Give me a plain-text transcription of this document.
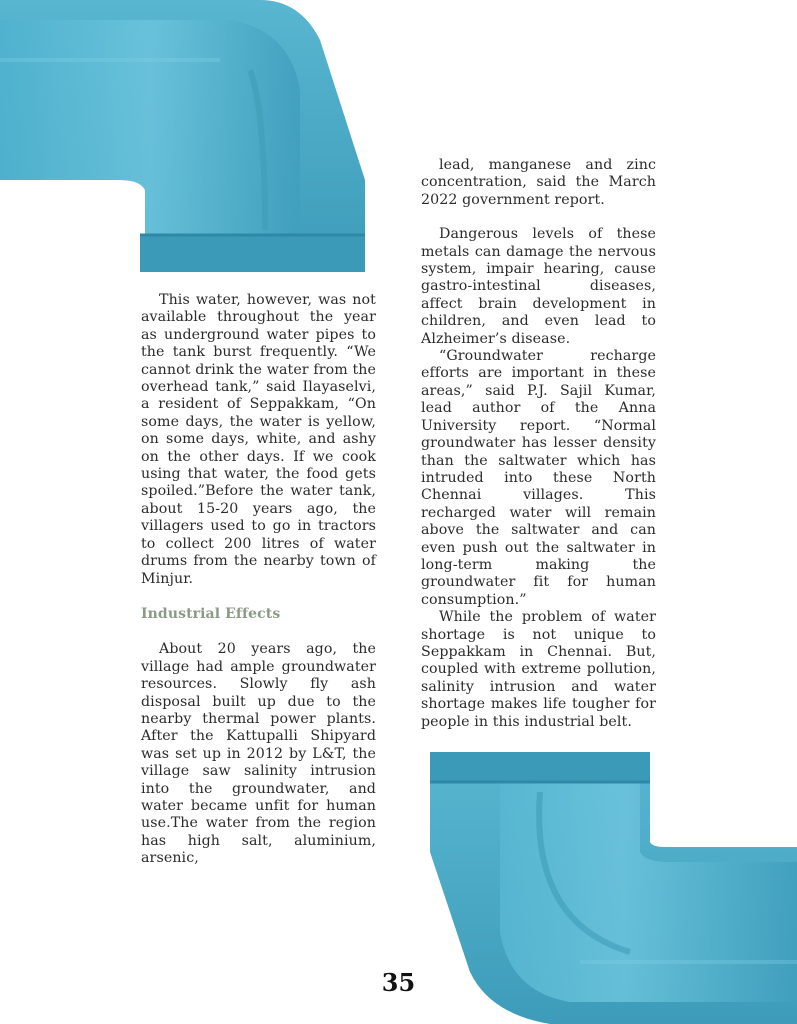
This water, however, was not available throughout the year as underground water pipes to the tank burst frequently. “We cannot drink the water from the overhead tank,” said Ilayaselvi, a resident of Seppakkam, “On some days, the water is yellow, on some days, white, and ashy on the other days. If we cook using that water, the food gets spoiled.”Before the water tank, about 15-20 years ago, the villagers used to go in tractors to collect 200 litres of water drums from the nearby town of Minjur.

Industrial Effects

About 20 years ago, the village had ample groundwater resources. Slowly fly ash disposal built up due to the nearby thermal power plants. After the Kattupalli Shipyard was set up in 2012 by L&T, the village saw salinity intrusion into the groundwater, and water became unfit for human use.The water from the region has high salt, aluminium, arsenic,

lead, manganese and zinc concentration, said the March 2022 government report.

Dangerous levels of these metals can damage the nervous system, impair hearing, cause gastro-intestinal diseases, affect brain development in children, and even lead to Alzheimer’s disease.

“Groundwater recharge efforts are important in these areas,” said P.J. Sajil Kumar, lead author of the Anna University report. “Normal groundwater has lesser density than the saltwater which has intruded into these North Chennai villages. This recharged water will remain above the saltwater and can even push out the saltwater in long-term making the groundwater fit for human consumption.”

While the problem of water shortage is not unique to Seppakkam in Chennai. But, coupled with extreme pollution, salinity intrusion and water shortage makes life tougher for people in this industrial belt.

35
